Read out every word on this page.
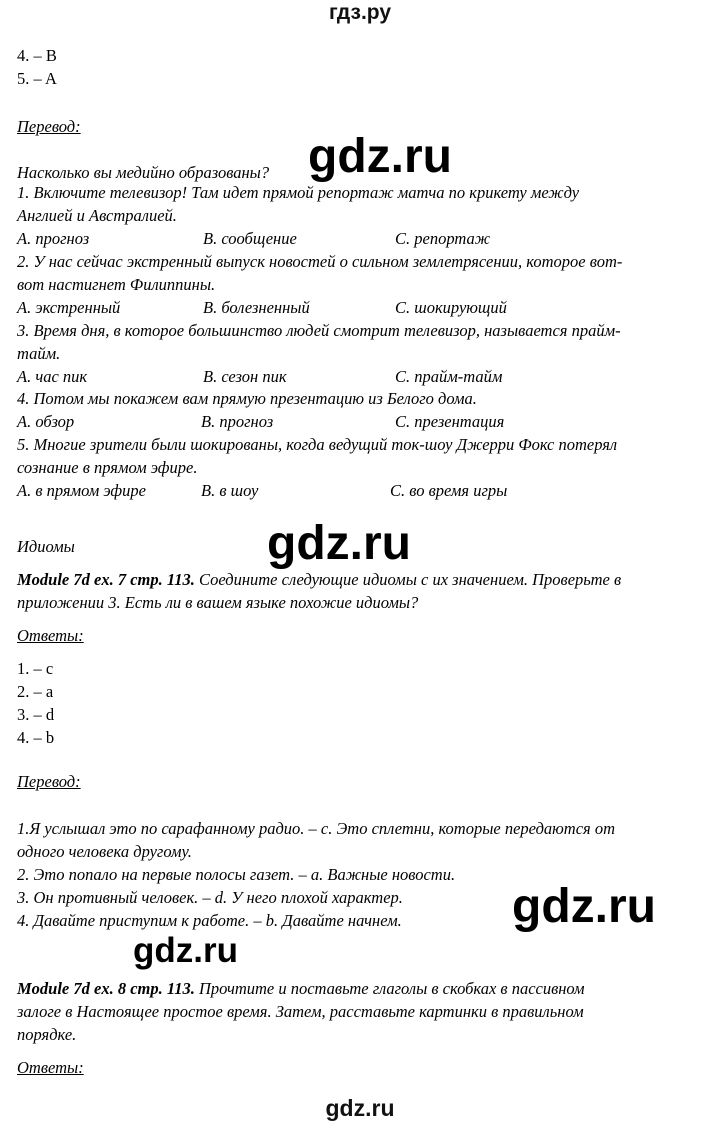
гдз.ру
4. – B
5. – A
Перевод:
Насколько вы медийно образованы?
1. Включите телевизор! Там идет прямой репортаж матча по крикету между
Англией и Австралией.
A. прогноз	B. сообщение	C. репортаж
2. У нас сейчас экстренный выпуск новостей о сильном землетрясении, которое вот-
вот настигнет Филиппины.
A. экстренный	B. болезненный	C. шокирующий
3. Время дня, в которое большинство людей смотрит телевизор, называется прайм-
тайм.
A. час пик	B. сезон пик	C. прайм-тайм
4. Потом мы покажем вам прямую презентацию из Белого дома.
A. обзор	B. прогноз	C. презентация
5. Многие зрители были шокированы, когда ведущий ток-шоу Джерри Фокс потерял
сознание в прямом эфире.
A. в прямом эфире	B. в шоу	C. во время игры
Идиомы
Module 7d ex. 7 стр. 113. Соедините следующие идиомы с их значением. Проверьте в
приложении 3. Есть ли в вашем языке похожие идиомы?
Ответы:
1. – c
2. – a
3. – d
4. – b
Перевод:
1.Я услышал это по сарафанному радио. – c. Это сплетни, которые передаются от
одного человека другому.
2. Это попало на первые полосы газет. – a. Важные новости.
3. Он противный человек. – d. У него плохой характер.
4. Давайте приступим к работе. – b. Давайте начнем.
Module 7d ex. 8 стр. 113. Прочтите и поставьте глаголы в скобках в пассивном
залоге в Настоящее простое время. Затем, расставьте картинки в правильном
порядке.
Ответы:
gdz.ru
gdz.ru
gdz.ru
gdz.ru
gdz.ru
